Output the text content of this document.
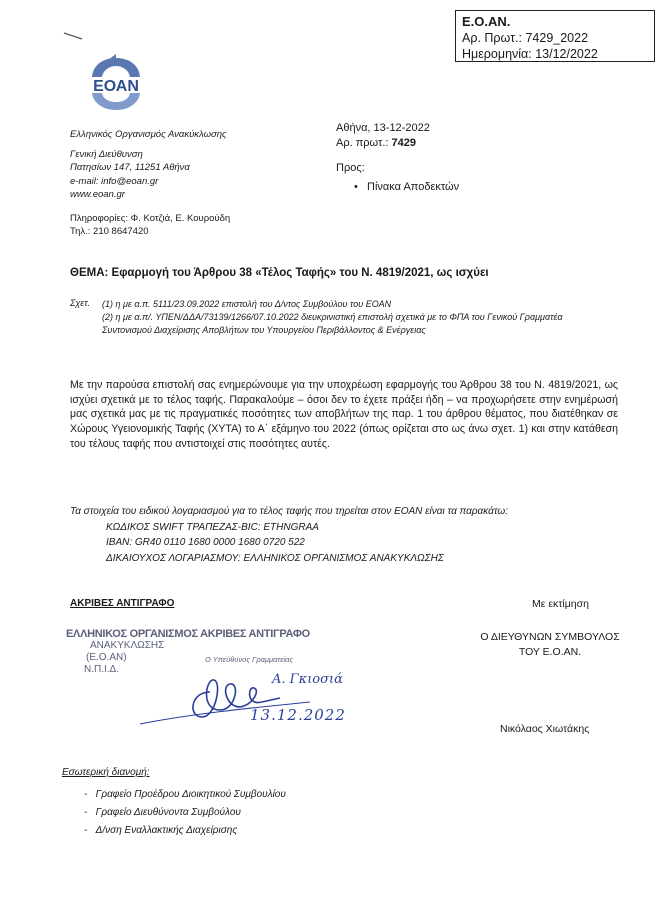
Ε.Ο.ΑΝ.
Αρ. Πρωτ.: 7429_2022
Ημερομηνία: 13/12/2022
ΕΟΑΝ
Ελληνικός Οργανισμός Ανακύκλωσης
Γενική Διεύθυνση
Πατησίων 147, 11251 Αθήνα
e-mail: info@eoan.gr
www.eoan.gr
Πληροφορίες: Φ. Κοτζιά, Ε. Κουρούδη
Τηλ.: 210 8647420
Αθήνα, 13-12-2022
Αρ. πρωτ.: 7429
Προς:
•   Πίνακα Αποδεκτών
ΘΕΜΑ: Εφαρμογή του Άρθρου 38 «Τέλος Ταφής» του Ν. 4819/2021, ως ισχύει
Σχετ. (1) η με α.π. 5111/23.09.2022 επιστολή του Δ/ντος Συμβούλου του ΕΟΑΝ
(2) η με α.π/. ΥΠΕΝ/ΔΔΑ/73139/1266/07.10.2022 διευκρινιστική επιστολή σχετικά με το ΦΠΑ του Γενικού Γραμματέα Συντονισμού Διαχείρισης Αποβλήτων του Υπουργείου Περιβάλλοντος & Ενέργειας
Με την παρούσα επιστολή σας ενημερώνουμε για την υποχρέωση εφαρμογής του Άρθρου 38 του Ν. 4819/2021, ως ισχύει σχετικά με το τέλος ταφής. Παρακαλούμε – όσοι δεν το έχετε πράξει ήδη – να προχωρήσετε στην ενημέρωσή μας σχετικά μας με τις πραγματικές ποσότητες των αποβλήτων της παρ. 1 του άρθρου θέματος, που διατέθηκαν σε Χώρους Υγειονομικής Ταφής (ΧΥΤΑ) το Α΄ εξάμηνο του 2022 (όπως ορίζεται στο ως άνω σχετ. 1) και στην κατάθεση του τέλους ταφής που αντιστοιχεί στις ποσότητες αυτές.
Τα στοιχεία του ειδικού λογαριασμού για το τέλος ταφής που τηρείται στον ΕΟΑΝ είναι τα παρακάτω:
ΚΩΔΙΚΟΣ SWIFT ΤΡΑΠΕΖΑΣ-BIC: ETHNGRAA
IBAN: GR40 0110 1680 0000 1680 0720 522
ΔΙΚΑΙΟΥΧΟΣ ΛΟΓΑΡΙΑΣΜΟΥ: ΕΛΛΗΝΙΚΟΣ ΟΡΓΑΝΙΣΜΟΣ ΑΝΑΚΥΚΛΩΣΗΣ
ΑΚΡΙΒΕΣ ΑΝΤΙΓΡΑΦΟ	Με εκτίμηση
Ο ΔΙΕΥΘΥΝΩΝ ΣΥΜΒΟΥΛΟΣ
ΤΟΥ Ε.Ο.ΑΝ.
Νικόλαος Χιωτάκης
ΕΛΛΗΝΙΚΟΣ ΟΡΓΑΝΙΣΜΟΣ ΑΚΡΙΒΕΣ ΑΝΤΙΓΡΑΦΟ
ΑΝΑΚΥΚΛΩΣΗΣ
(Ε.Ο.ΑΝ)
Ν.Π.Ι.Δ.
Ο Υπεύθυνος Γραμματείας
Α. Γκιοσιά
13.12.2022
Εσωτερική διανομή:
-   Γραφείο Προέδρου Διοικητικού Συμβουλίου
-   Γραφείο Διευθύνοντα Συμβούλου
-   Δ/νση Εναλλακτικής Διαχείρισης
